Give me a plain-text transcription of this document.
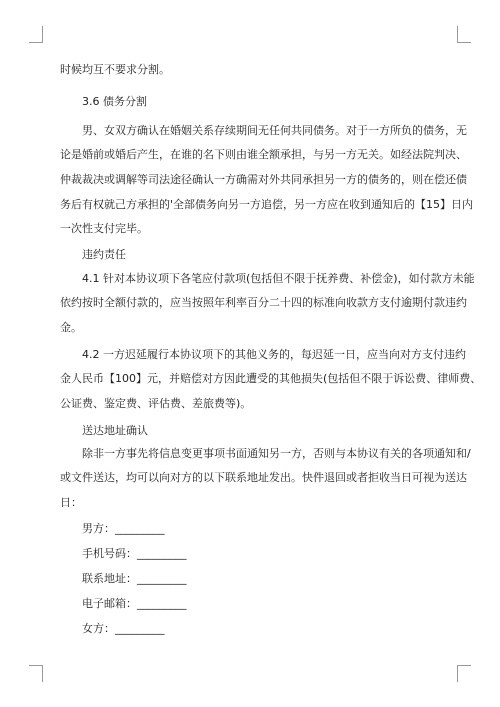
时候均互不要求分割。
3.6 债务分割
男、女双方确认在婚姻关系存续期间无任何共同债务。对于一方所负的债务，无
论是婚前或婚后产生，在谁的名下则由谁全额承担，与另一方无关。如经法院判决、
仲裁裁决或调解等司法途径确认一方确需对外共同承担另一方的债务的，则在偿还债
务后有权就己方承担的'全部债务向另一方追偿，另一方应在收到通知后的【15】日内
一次性支付完毕。
违约责任
4.1 针对本协议项下各笔应付款项(包括但不限于抚养费、补偿金)，如付款方未能
依约按时全额付款的，应当按照年利率百分二十四的标准向收款方支付逾期付款违约
金。
4.2 一方迟延履行本协议项下的其他义务的，每迟延一日，应当向对方支付违约
金人民币【100】元，并赔偿对方因此遭受的其他损失(包括但不限于诉讼费、律师费、
公证费、鉴定费、评估费、差旅费等)。
送达地址确认
除非一方事先将信息变更事项书面通知另一方，否则与本协议有关的各项通知和/
或文件送达，均可以向对方的以下联系地址发出。快件退回或者拒收当日可视为送达
日：
男方：_________
手机号码：_________
联系地址：_________
电子邮箱：_________
女方：_________
